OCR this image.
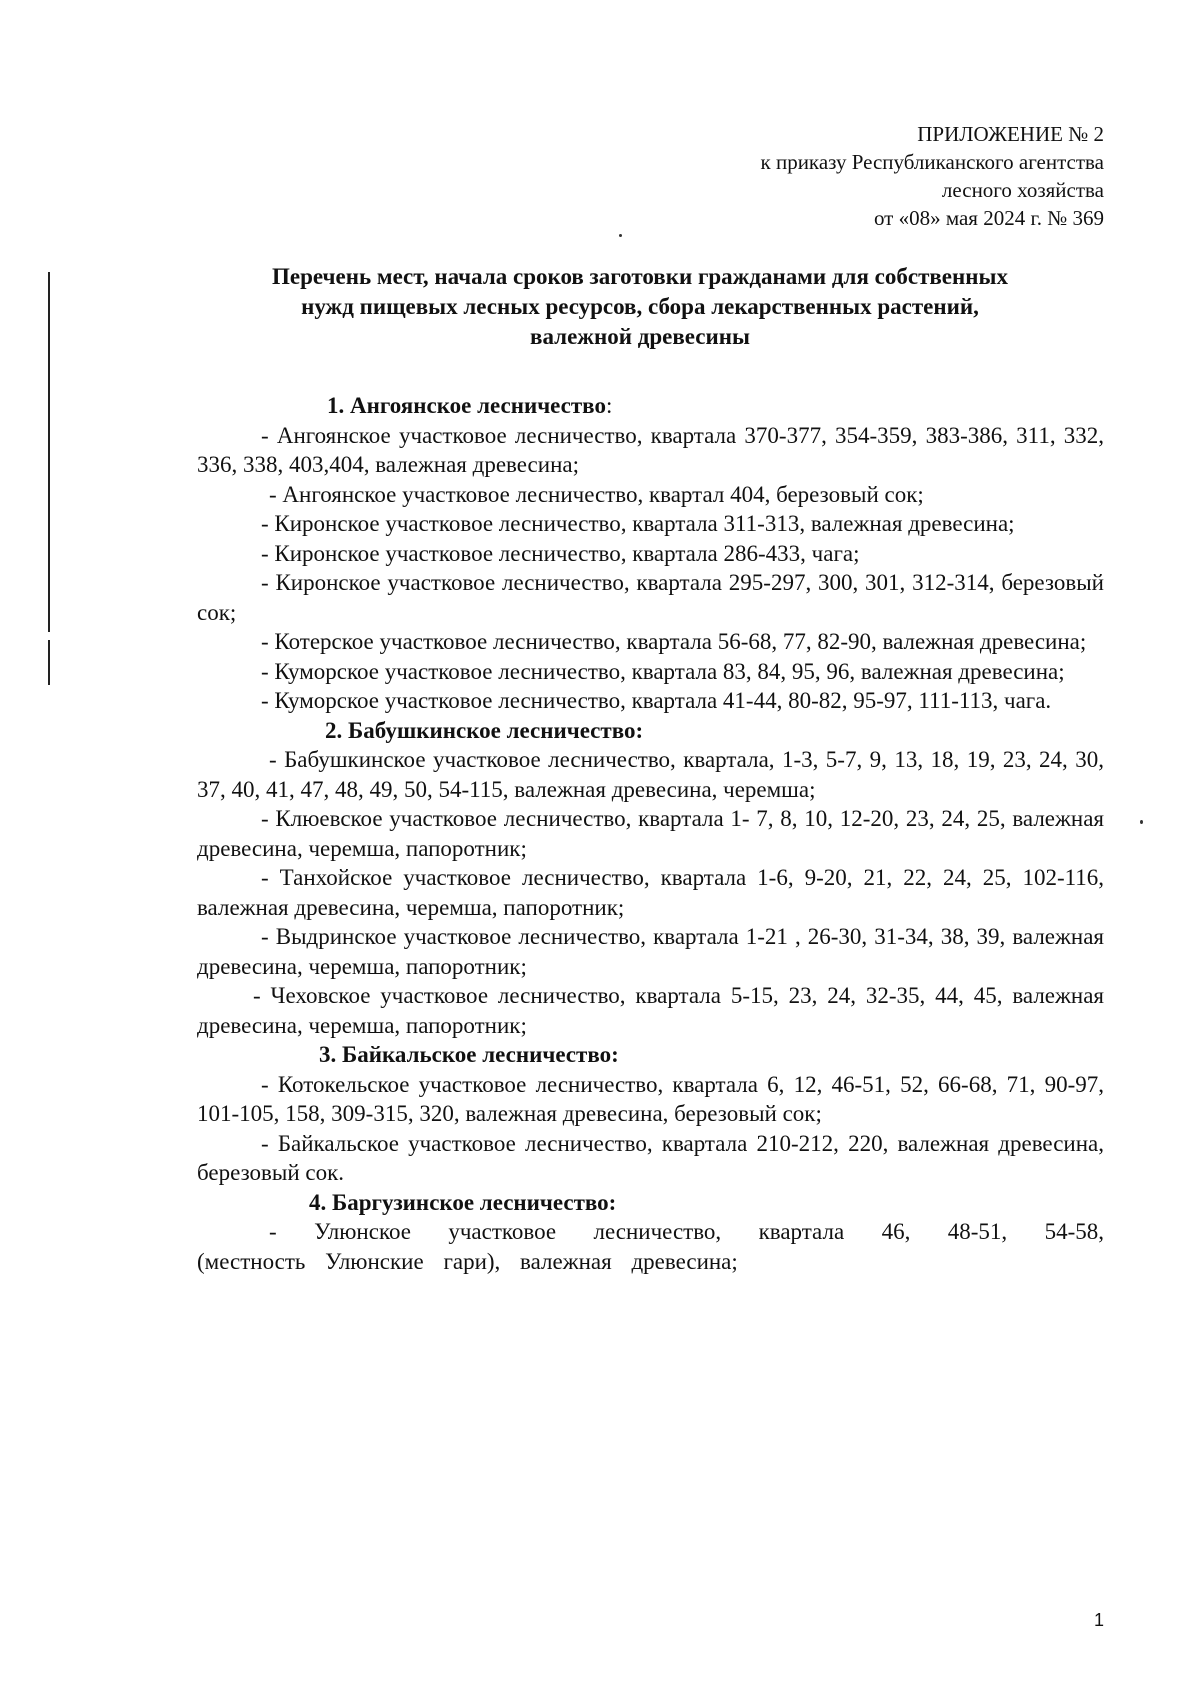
ПРИЛОЖЕНИЕ № 2
к приказу Республиканского агентства
лесного хозяйства
от «08» мая 2024 г. № 369
Перечень мест, начала сроков заготовки гражданами для собственных
нужд пищевых лесных ресурсов, сбора лекарственных растений,
валежной древесины
1. Ангоянское лесничество:

- Ангоянское участковое лесничество, квартала 370-377, 354-359, 383-386, 311, 332, 336, 338, 403,404, валежная древесина;

- Ангоянское участковое лесничество, квартал 404, березовый сок;

- Киронское участковое лесничество, квартала 311-313, валежная древесина;

- Киронское участковое лесничество, квартала 286-433, чага;

- Киронское участковое лесничество, квартала 295-297, 300, 301, 312-314, березовый сок;

- Котерское участковое лесничество, квартала 56-68, 77, 82-90, валежная древесина;

- Куморское участковое лесничество, квартала 83, 84, 95, 96, валежная древесина;

- Куморское участковое лесничество, квартала 41-44, 80-82, 95-97, 111-113, чага.

2. Бабушкинское лесничество:

- Бабушкинское участковое лесничество, квартала, 1-3, 5-7, 9, 13, 18, 19, 23, 24, 30, 37, 40, 41, 47, 48, 49, 50, 54-115, валежная древесина, черемша;

- Клюевское участковое лесничество, квартала 1- 7, 8, 10, 12-20, 23, 24, 25, валежная древесина, черемша, папоротник;

- Танхойское участковое лесничество, квартала 1-6, 9-20, 21, 22, 24, 25, 102-116, валежная древесина, черемша, папоротник;

- Выдринское участковое лесничество, квартала 1-21 , 26-30, 31-34, 38, 39, валежная древесина, черемша, папоротник;

- Чеховское участковое лесничество, квартала 5-15, 23, 24, 32-35, 44, 45, валежная древесина, черемша, папоротник;

3. Байкальское лесничество:

- Котокельское участковое лесничество, квартала 6, 12, 46-51, 52, 66-68, 71, 90-97, 101-105, 158, 309-315, 320, валежная древесина, березовый сок;

- Байкальское участковое лесничество, квартала 210-212, 220, валежная древесина, березовый сок.

4. Баргузинское лесничество:

- Улюнское участковое лесничество, квартала 46, 48-51, 54-58, (местность Улюнские гари), валежная древесина;

1
